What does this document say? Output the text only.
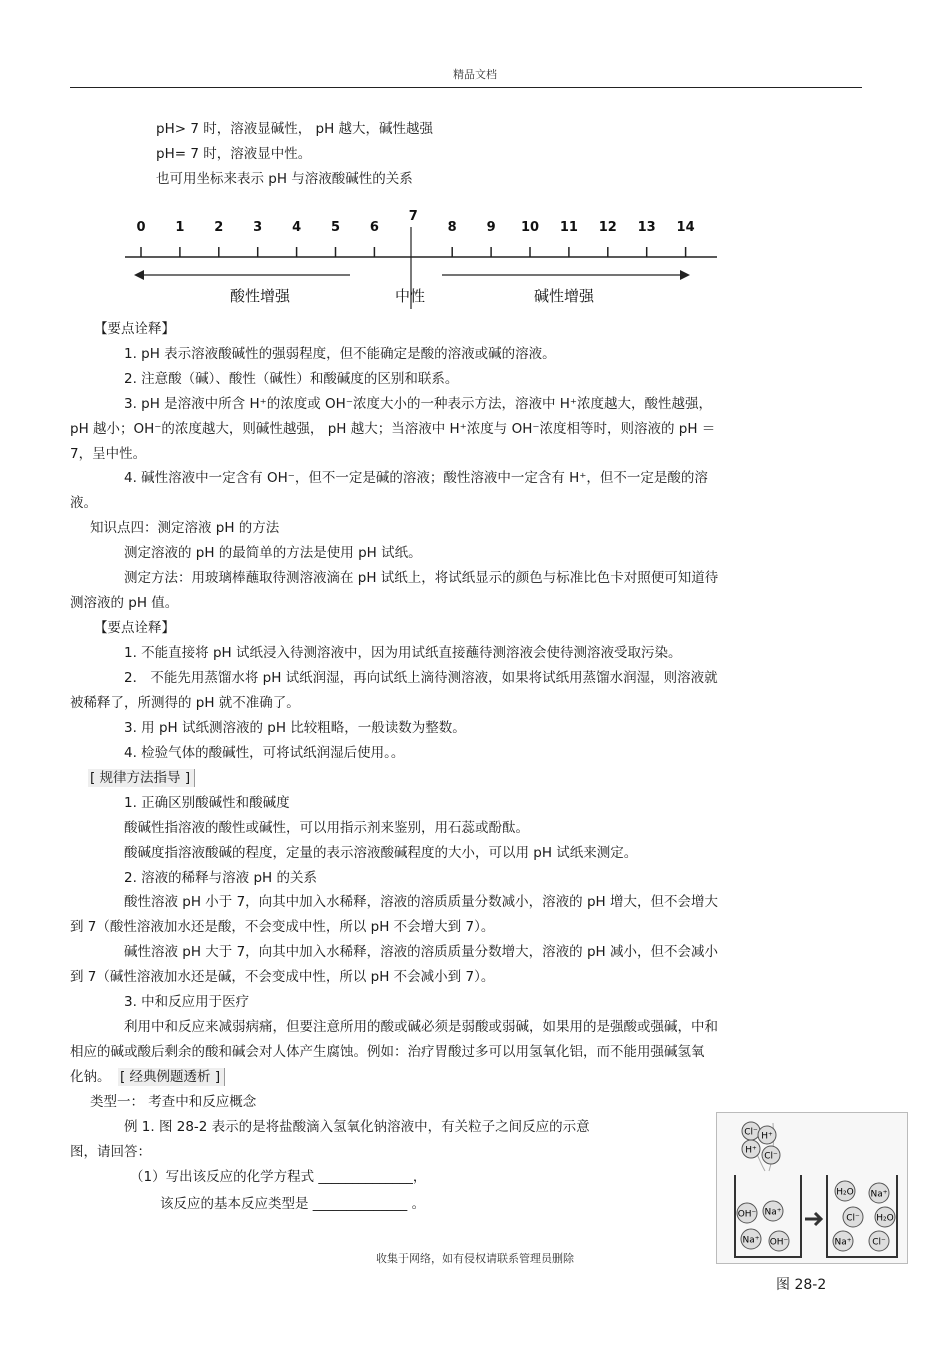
精品文档
pH> 7 时，溶液显碱性， pH 越大，碱性越强
pH= 7 时，溶液显中性。
也可用坐标来表示 pH 与溶液酸碱性的关系
0 1 2 3 4 5 6
7
8 9 10 11 12 13 14
酸性增强	中性	碱性增强
【要点诠释】
1. pH 表示溶液酸碱性的强弱程度，但不能确定是酸的溶液或碱的溶液。
2. 注意酸（碱）、酸性（碱性）和酸碱度的区别和联系。
3. pH 是溶液中所含 H⁺的浓度或 OH⁻浓度大小的一种表示方法，溶液中 H⁺浓度越大，酸性越强，
pH 越小；OH⁻的浓度越大，则碱性越强， pH 越大；当溶液中 H⁺浓度与 OH⁻浓度相等时，则溶液的 pH ＝
7，呈中性。
4. 碱性溶液中一定含有 OH⁻，但不一定是碱的溶液；酸性溶液中一定含有 H⁺，但不一定是酸的溶
液。
知识点四：测定溶液 pH 的方法
测定溶液的 pH 的最简单的方法是使用 pH 试纸。
测定方法：用玻璃棒蘸取待测溶液滴在 pH 试纸上，将试纸显示的颜色与标准比色卡对照便可知道待
测溶液的 pH 值。
【要点诠释】
1. 不能直接将 pH 试纸浸入待测溶液中，因为用试纸直接蘸待测溶液会使待测溶液受取污染。
2． 不能先用蒸馏水将 pH 试纸润湿，再向试纸上滴待测溶液，如果将试纸用蒸馏水润湿，则溶液就
被稀释了，所测得的 pH 就不准确了。
3. 用 pH 试纸测溶液的 pH 比较粗略，一般读数为整数。
4. 检验气体的酸碱性，可将试纸润湿后使用。。
[ 规律方法指导 ]
1. 正确区别酸碱性和酸碱度
酸碱性指溶液的酸性或碱性，可以用指示剂来鉴别，用石蕊或酚酞。
酸碱度指溶液酸碱的程度，定量的表示溶液酸碱程度的大小，可以用 pH 试纸来测定。
2. 溶液的稀释与溶液 pH 的关系
酸性溶液 pH 小于 7，向其中加入水稀释，溶液的溶质质量分数减小，溶液的 pH 增大，但不会增大
到 7（酸性溶液加水还是酸，不会变成中性，所以 pH 不会增大到 7）。
碱性溶液 pH 大于 7，向其中加入水稀释，溶液的溶质质量分数增大，溶液的 pH 减小，但不会减小
到 7（碱性溶液加水还是碱，不会变成中性，所以 pH 不会减小到 7）。
3. 中和反应用于医疗
利用中和反应来减弱病痛，但要注意所用的酸或碱必须是弱酸或弱碱，如果用的是强酸或强碱，中和
相应的碱或酸后剩余的酸和碱会对人体产生腐蚀。例如：治疗胃酸过多可以用氢氧化铝，而不能用强碱氢氧
化钠。 [ 经典例题透析 ]
类型一： 考查中和反应概念
例 1. 图 28-2 表示的是将盐酸滴入氢氧化钠溶液中，有关粒子之间反应的示意
图，请回答：
（1）写出该反应的化学方程式 ______________，
该反应的基本反应类型是 ______________ 。
Cl⁻ H⁺
H⁺
Cl⁻
OH⁻ Na⁺
Na⁺ OH⁻
H₂O Na⁺
Cl⁻ H₂O
Na⁺ Cl⁻
图 28-2
收集于网络，如有侵权请联系管理员删除
